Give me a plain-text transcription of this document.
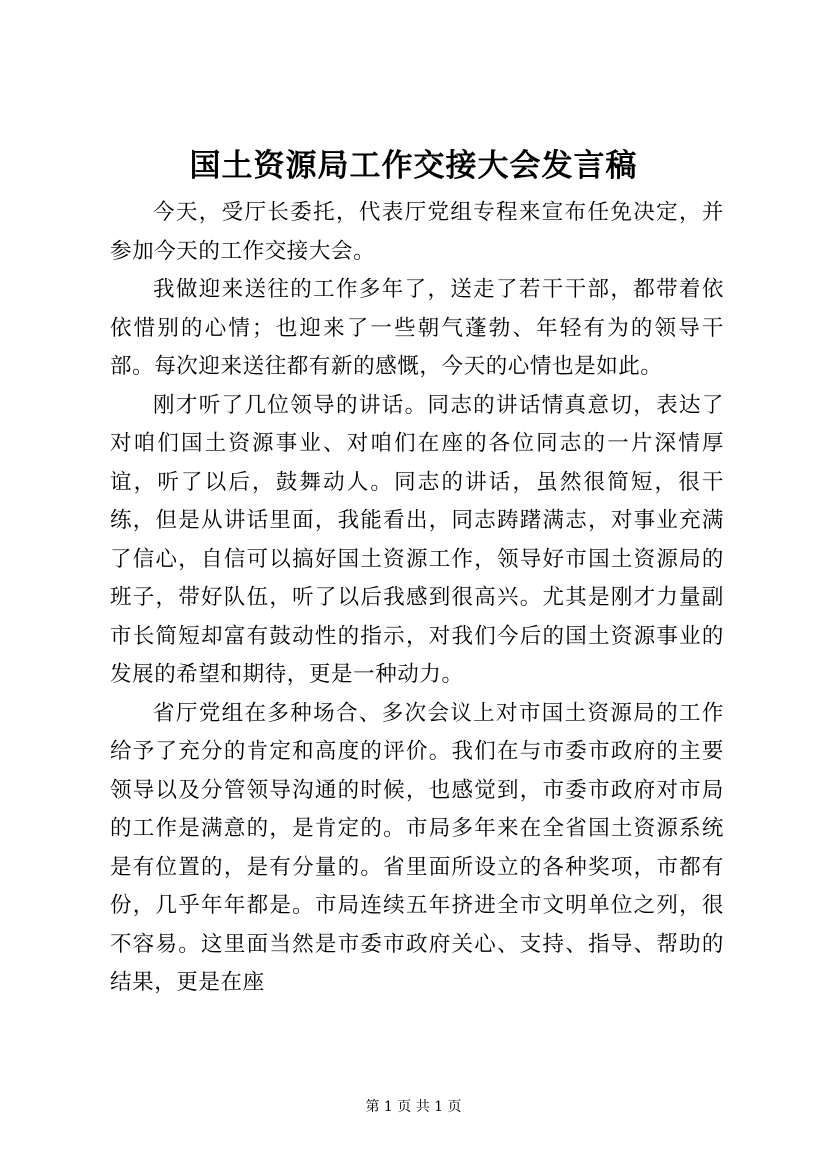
国土资源局工作交接大会发言稿

今天，受厅长委托，代表厅党组专程来宣布任免决定，并参加今天的工作交接大会。

我做迎来送往的工作多年了，送走了若干干部，都带着依依惜别的心情；也迎来了一些朝气蓬勃、年轻有为的领导干部。每次迎来送往都有新的感慨，今天的心情也是如此。

刚才听了几位领导的讲话。同志的讲话情真意切，表达了对咱们国土资源事业、对咱们在座的各位同志的一片深情厚谊，听了以后，鼓舞动人。同志的讲话，虽然很简短，很干练，但是从讲话里面，我能看出，同志踌躇满志，对事业充满了信心，自信可以搞好国土资源工作，领导好市国土资源局的班子，带好队伍，听了以后我感到很高兴。尤其是刚才力量副市长简短却富有鼓动性的指示，对我们今后的国土资源事业的发展的希望和期待，更是一种动力。

省厅党组在多种场合、多次会议上对市国土资源局的工作给予了充分的肯定和高度的评价。我们在与市委市政府的主要领导以及分管领导沟通的时候，也感觉到，市委市政府对市局的工作是满意的，是肯定的。市局多年来在全省国土资源系统是有位置的，是有分量的。省里面所设立的各种奖项，市都有份，几乎年年都是。市局连续五年挤进全市文明单位之列，很不容易。这里面当然是市委市政府关心、支持、指导、帮助的结果，更是在座

第 1 页 共 1 页
